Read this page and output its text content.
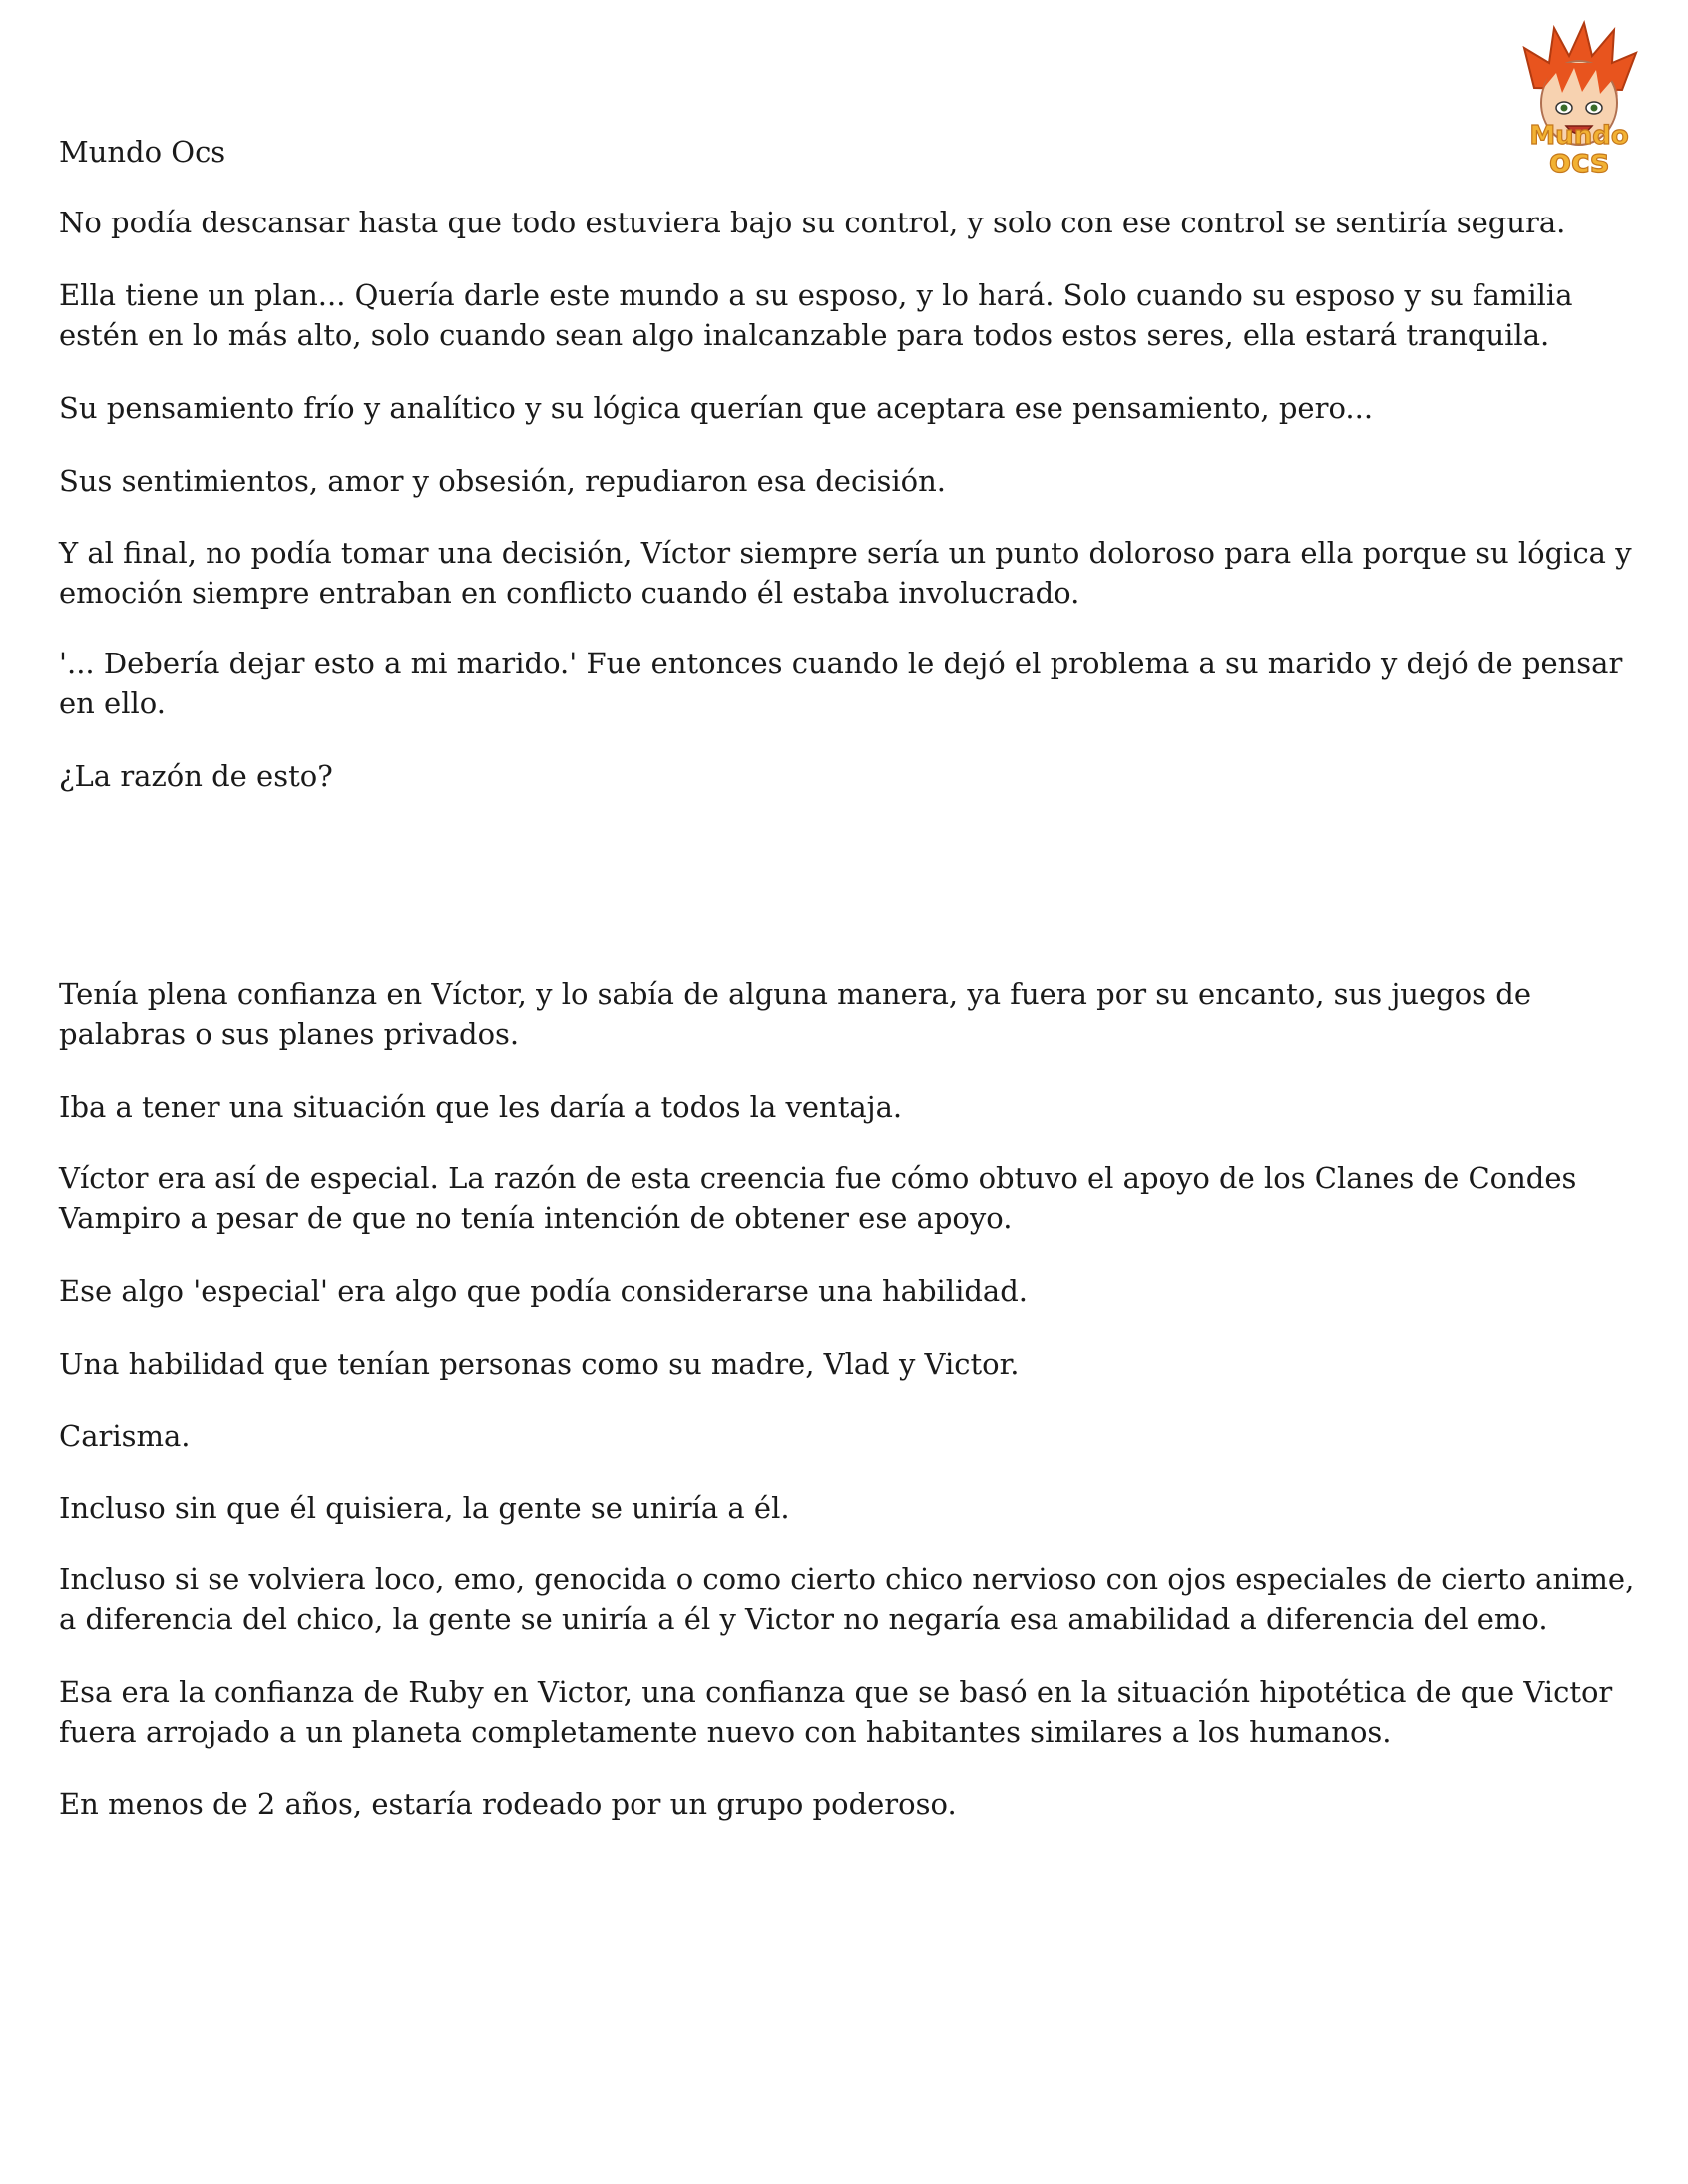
Mundo
ocs

Mundo Ocs

No podía descansar hasta que todo estuviera bajo su control, y solo con ese control se sentiría segura.

Ella tiene un plan... Quería darle este mundo a su esposo, y lo hará. Solo cuando su esposo y su familia estén en lo más alto, solo cuando sean algo inalcanzable para todos estos seres, ella estará tranquila.

Su pensamiento frío y analítico y su lógica querían que aceptara ese pensamiento, pero...

Sus sentimientos, amor y obsesión, repudiaron esa decisión.

Y al final, no podía tomar una decisión, Víctor siempre sería un punto doloroso para ella porque su lógica y emoción siempre entraban en conflicto cuando él estaba involucrado.

'... Debería dejar esto a mi marido.' Fue entonces cuando le dejó el problema a su marido y dejó de pensar en ello.

¿La razón de esto?

Tenía plena confianza en Víctor, y lo sabía de alguna manera, ya fuera por su encanto, sus juegos de palabras o sus planes privados.

Iba a tener una situación que les daría a todos la ventaja.

Víctor era así de especial. La razón de esta creencia fue cómo obtuvo el apoyo de los Clanes de Condes Vampiro a pesar de que no tenía intención de obtener ese apoyo.

Ese algo 'especial' era algo que podía considerarse una habilidad.

Una habilidad que tenían personas como su madre, Vlad y Victor.

Carisma.

Incluso sin que él quisiera, la gente se uniría a él.

Incluso si se volviera loco, emo, genocida o como cierto chico nervioso con ojos especiales de cierto anime, a diferencia del chico, la gente se uniría a él y Victor no negaría esa amabilidad a diferencia del emo.

Esa era la confianza de Ruby en Victor, una confianza que se basó en la situación hipotética de que Victor fuera arrojado a un planeta completamente nuevo con habitantes similares a los humanos.

En menos de 2 años, estaría rodeado por un grupo poderoso.
